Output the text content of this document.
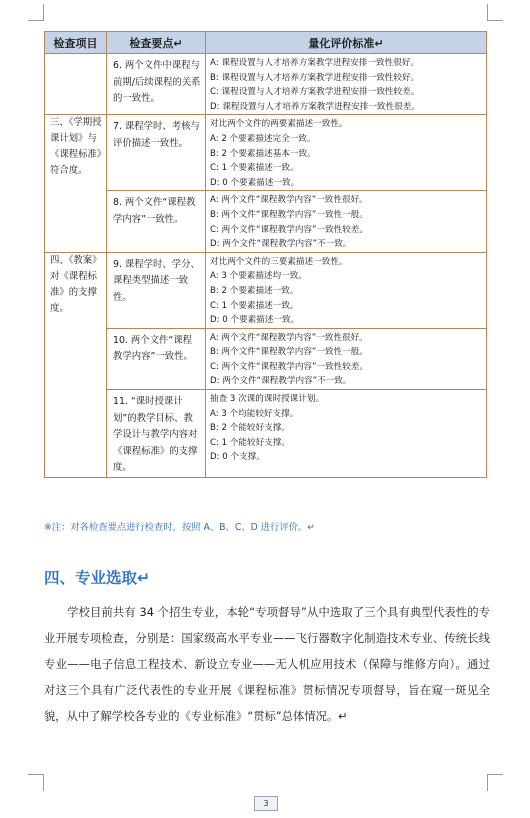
检查项目	检查要点↵	量化评价标准↵
	6. 两个文件中课程与前期/后续课程的关系的一致性。	A: 课程设置与人才培养方案教学进程安排一致性很好。
B: 课程设置与人才培养方案教学进程安排一致性较好。
C: 课程设置与人才培养方案教学进程安排一致性较差。
D: 课程设置与人才培养方案教学进程安排一致性很差。

三、《学期授课计划》与《课程标准》符合度。	7. 课程学时、考核与评价描述一致性。	对比两个文件的两要素描述一致性。
A: 2 个要素描述完全一致。
B: 2 个要素描述基本一致。
C: 1 个要素描述一致。
D: 0 个要素描述一致。

	8. 两个文件“课程教学内容”一致性。	A: 两个文件“课程教学内容”一致性很好。
B: 两个文件“课程教学内容”一致性一般。
C: 两个文件“课程教学内容”一致性较差。
D: 两个文件“课程教学内容”不一致。

四、《教案》对《课程标准》的支撑度。	9. 课程学时、学分、课程类型描述一致性。	对比两个文件的三要素描述一致性。
A: 3 个要素描述均一致。
B: 2 个要素描述一致。
C: 1 个要素描述一致。
D: 0 个要素描述一致。

	10. 两个文件“课程教学内容”一致性。	A: 两个文件“课程教学内容”一致性很好。
B: 两个文件“课程教学内容”一致性一般。
C: 两个文件“课程教学内容”一致性较差。
D: 两个文件“课程教学内容”不一致。

	11. “课时授课计划”的教学目标、教学设计与教学内容对《课程标准》的支撑度。	抽查 3 次课的课时授课计划。
A: 3 个均能较好支撑。
B: 2 个能较好支撑。
C: 1 个能较好支撑。
D: 0 个支撑。
※注：对各检查要点进行检查时，按照 A、B、C、D 进行评价。↵
四、专业选取↵

学校目前共有 34 个招生专业，本轮“专项督导”从中选取了三个具有典型代表性的专业开展专项检查，分别是：国家级高水平专业——飞行器数字化制造技术专业、传统长线专业——电子信息工程技术、新设立专业——无人机应用技术（保障与维修方向）。通过对这三个具有广泛代表性的专业开展《课程标准》贯标情况专项督导，旨在窥一斑见全貌，从中了解学校各专业的《专业标准》“贯标”总体情况。↵

3
